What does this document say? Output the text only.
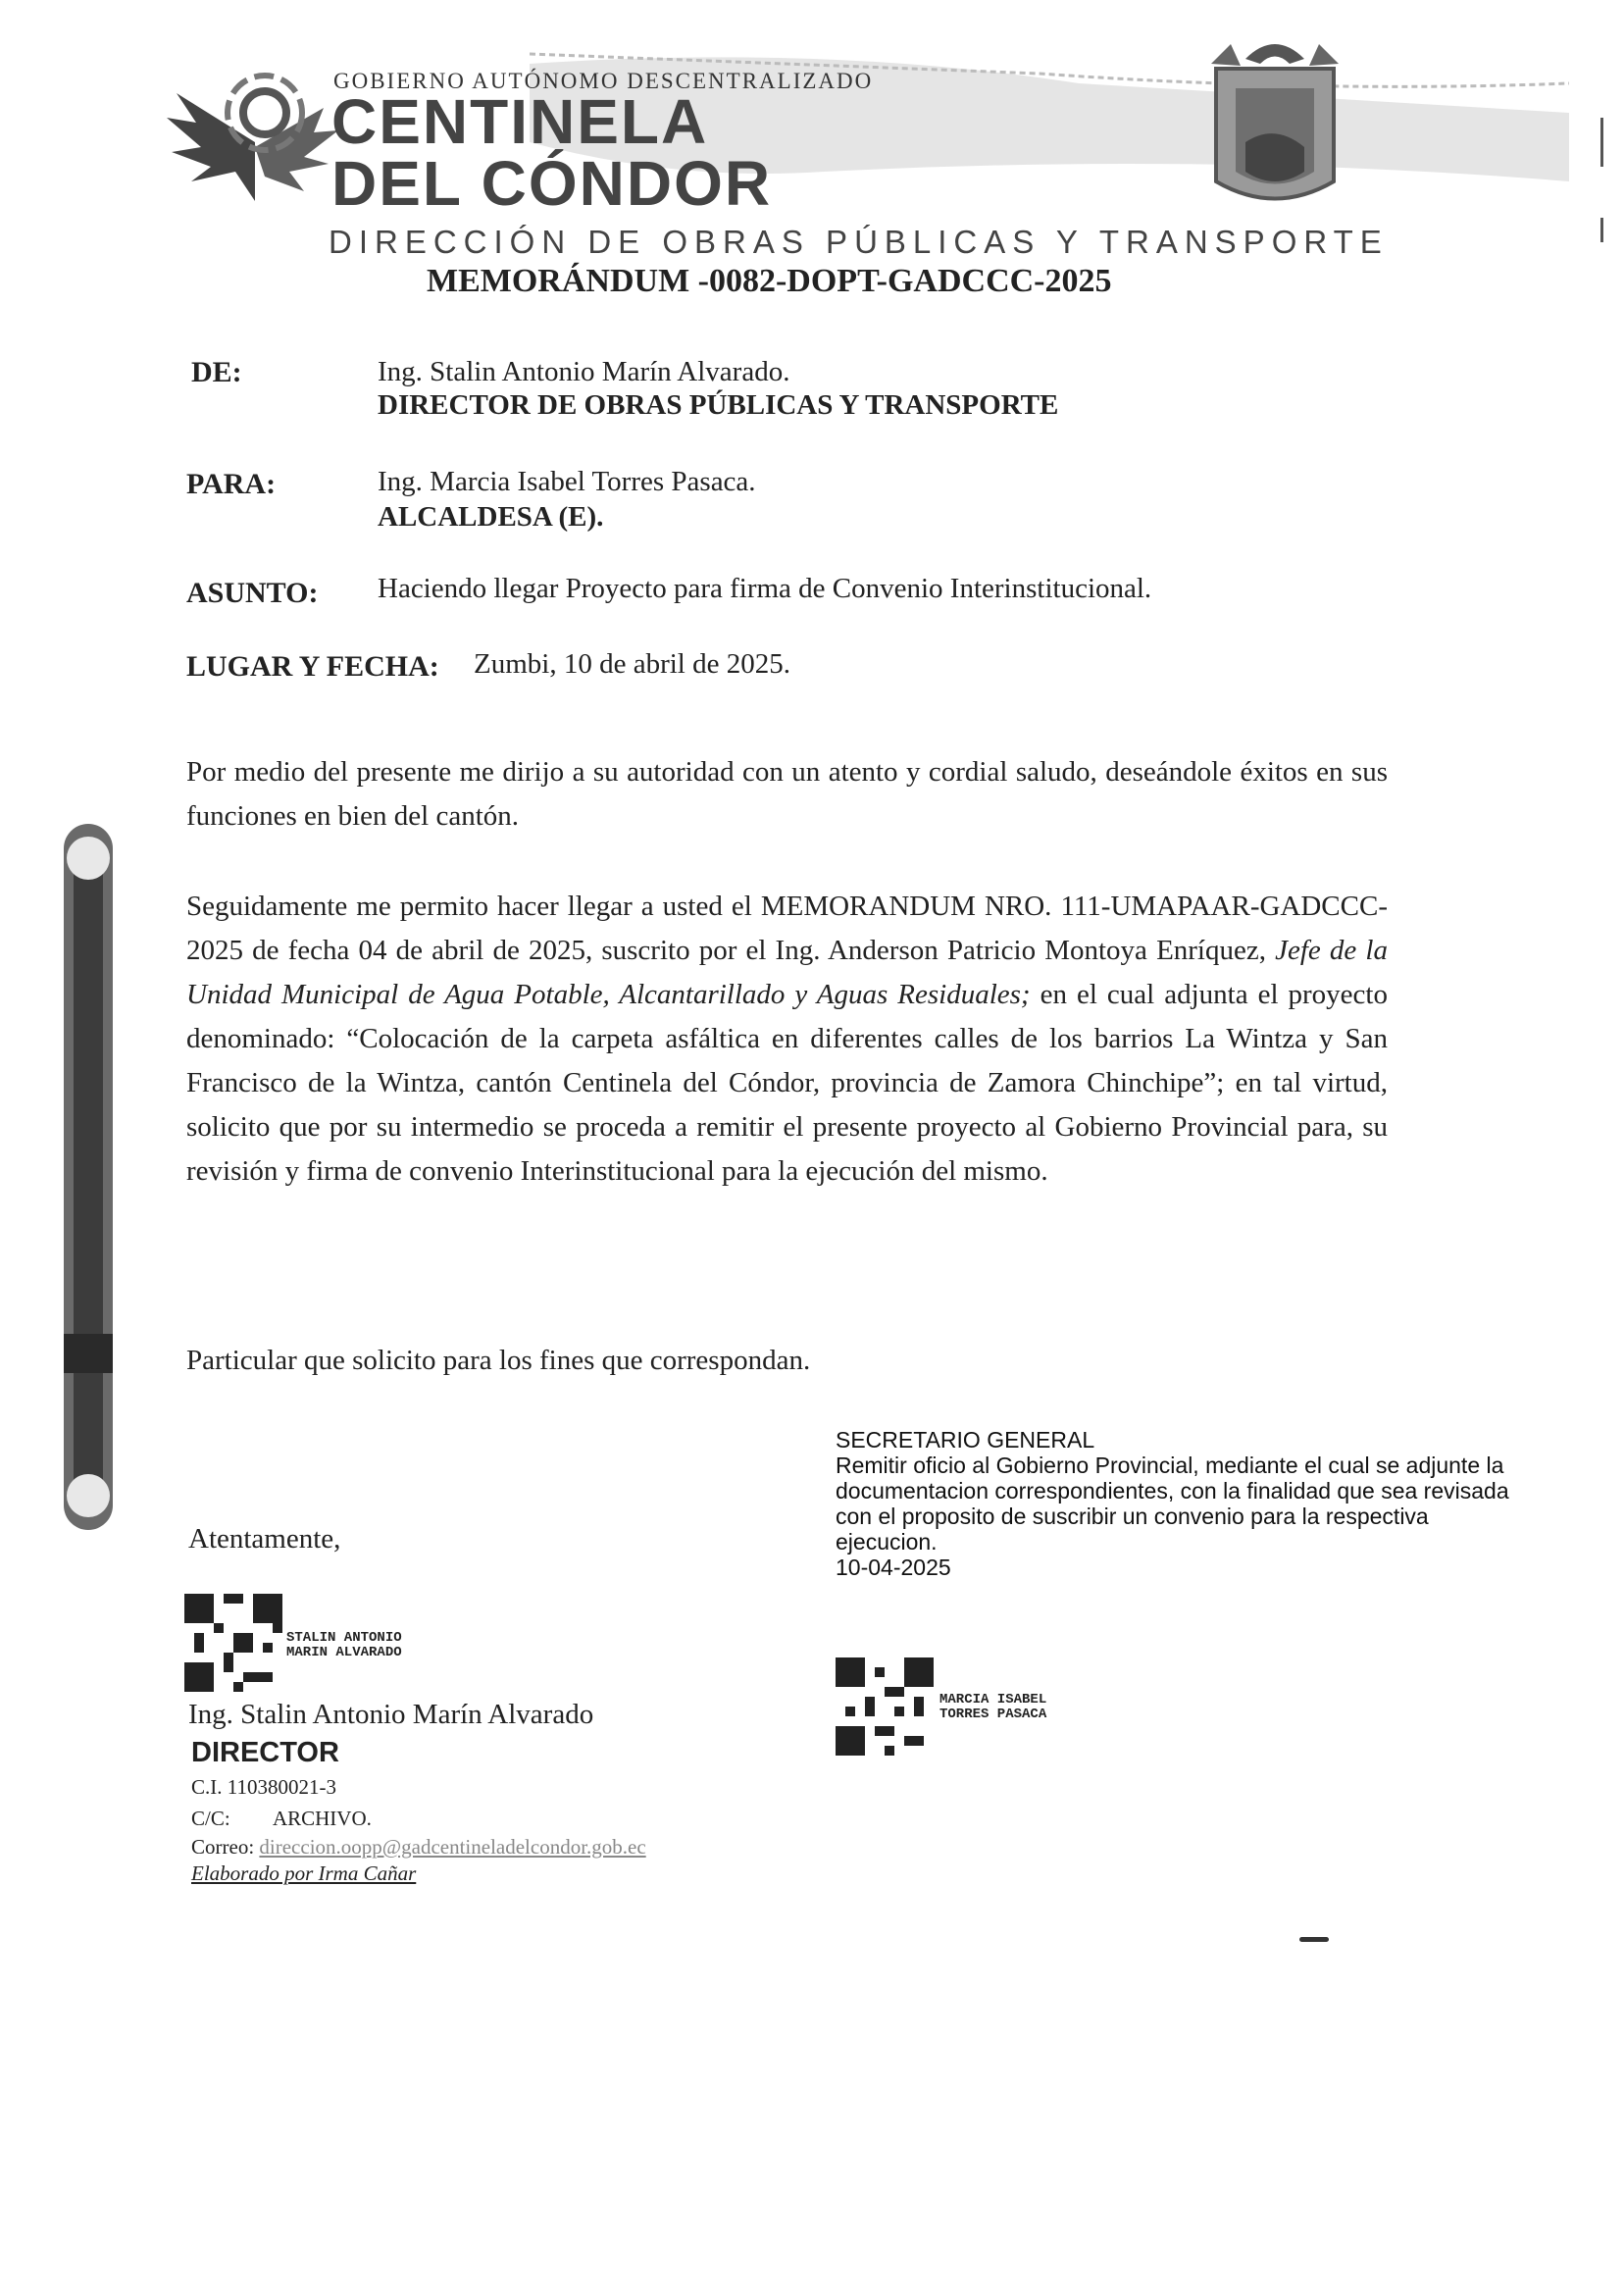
GOBIERNO AUTÓNOMO DESCENTRALIZADO
CENTINELA
DEL CÓNDOR
DIRECCIÓN DE OBRAS PÚBLICAS Y TRANSPORTE
MEMORÁNDUM -0082-DOPT-GADCCC-2025
DE:	Ing. Stalin Antonio Marín Alvarado.
DIRECTOR DE OBRAS PÚBLICAS Y TRANSPORTE
PARA:	Ing. Marcia Isabel Torres Pasaca.
ALCALDESA (E).
ASUNTO: Haciendo llegar Proyecto para firma de Convenio Interinstitucional.
LUGAR Y FECHA: Zumbi, 10 de abril de 2025.
Por medio del presente me dirijo a su autoridad con un atento y cordial saludo, deseándole éxitos en sus funciones en bien del cantón.
Seguidamente me permito hacer llegar a usted el MEMORANDUM NRO. 111-UMAPAAR-GADCCC-2025 de fecha 04 de abril de 2025, suscrito por el Ing. Anderson Patricio Montoya Enríquez, Jefe de la Unidad Municipal de Agua Potable, Alcantarillado y Aguas Residuales; en el cual adjunta el proyecto denominado: “Colocación de la carpeta asfáltica en diferentes calles de los barrios La Wintza y San Francisco de la Wintza, cantón Centinela del Cóndor, provincia de Zamora Chinchipe”; en tal virtud, solicito que por su intermedio se proceda a remitir el presente proyecto al Gobierno Provincial para, su revisión y firma de convenio Interinstitucional para la ejecución del mismo.
Particular que solicito para los fines que correspondan.
SECRETARIO GENERAL
Remitir oficio al Gobierno Provincial, mediante el cual se adjunte la documentacion correspondientes, con la finalidad que sea revisada con el proposito de suscribir un convenio para la respectiva ejecucion.
10-04-2025
MARCIA ISABEL
TORRES PASACA
Atentamente,
STALIN ANTONIO
MARIN ALVARADO
Ing. Stalin Antonio Marín Alvarado
DIRECTOR
C.I. 110380021-3
C/C: ARCHIVO.
Correo: direccion.oopp@gadcentineladelcondor.gob.ec
Elaborado por Irma Cañar
